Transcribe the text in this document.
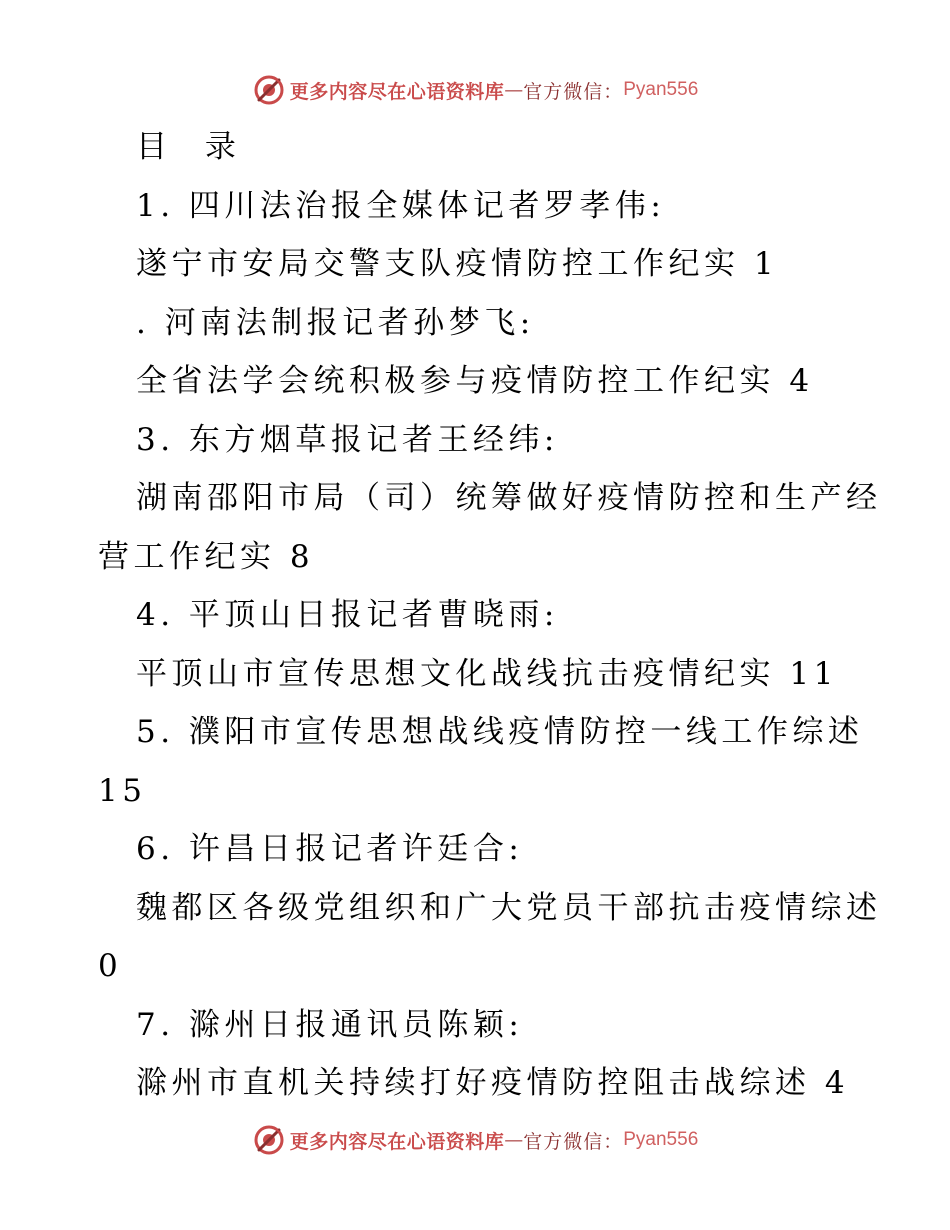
更多内容尽在心语资料库 — 官方微信： Pyan556
目 录
1. 四川法治报全媒体记者罗孝伟:
遂宁市安局交警支队疫情防控工作纪实 1
. 河南法制报记者孙梦飞:
全省法学会统积极参与疫情防控工作纪实 4
3. 东方烟草报记者王经纬:
湖南邵阳市局（司）统筹做好疫情防控和生产经
营工作纪实 8
4. 平顶山日报记者曹晓雨:
平顶山市宣传思想文化战线抗击疫情纪实 11
5. 濮阳市宣传思想战线疫情防控一线工作综述
15
6. 许昌日报记者许廷合:
魏都区各级党组织和广大党员干部抗击疫情综述
0
7. 滁州日报通讯员陈颖:
滁州市直机关持续打好疫情防控阻击战综述 4
更多内容尽在心语资料库 — 官方微信： Pyan556
